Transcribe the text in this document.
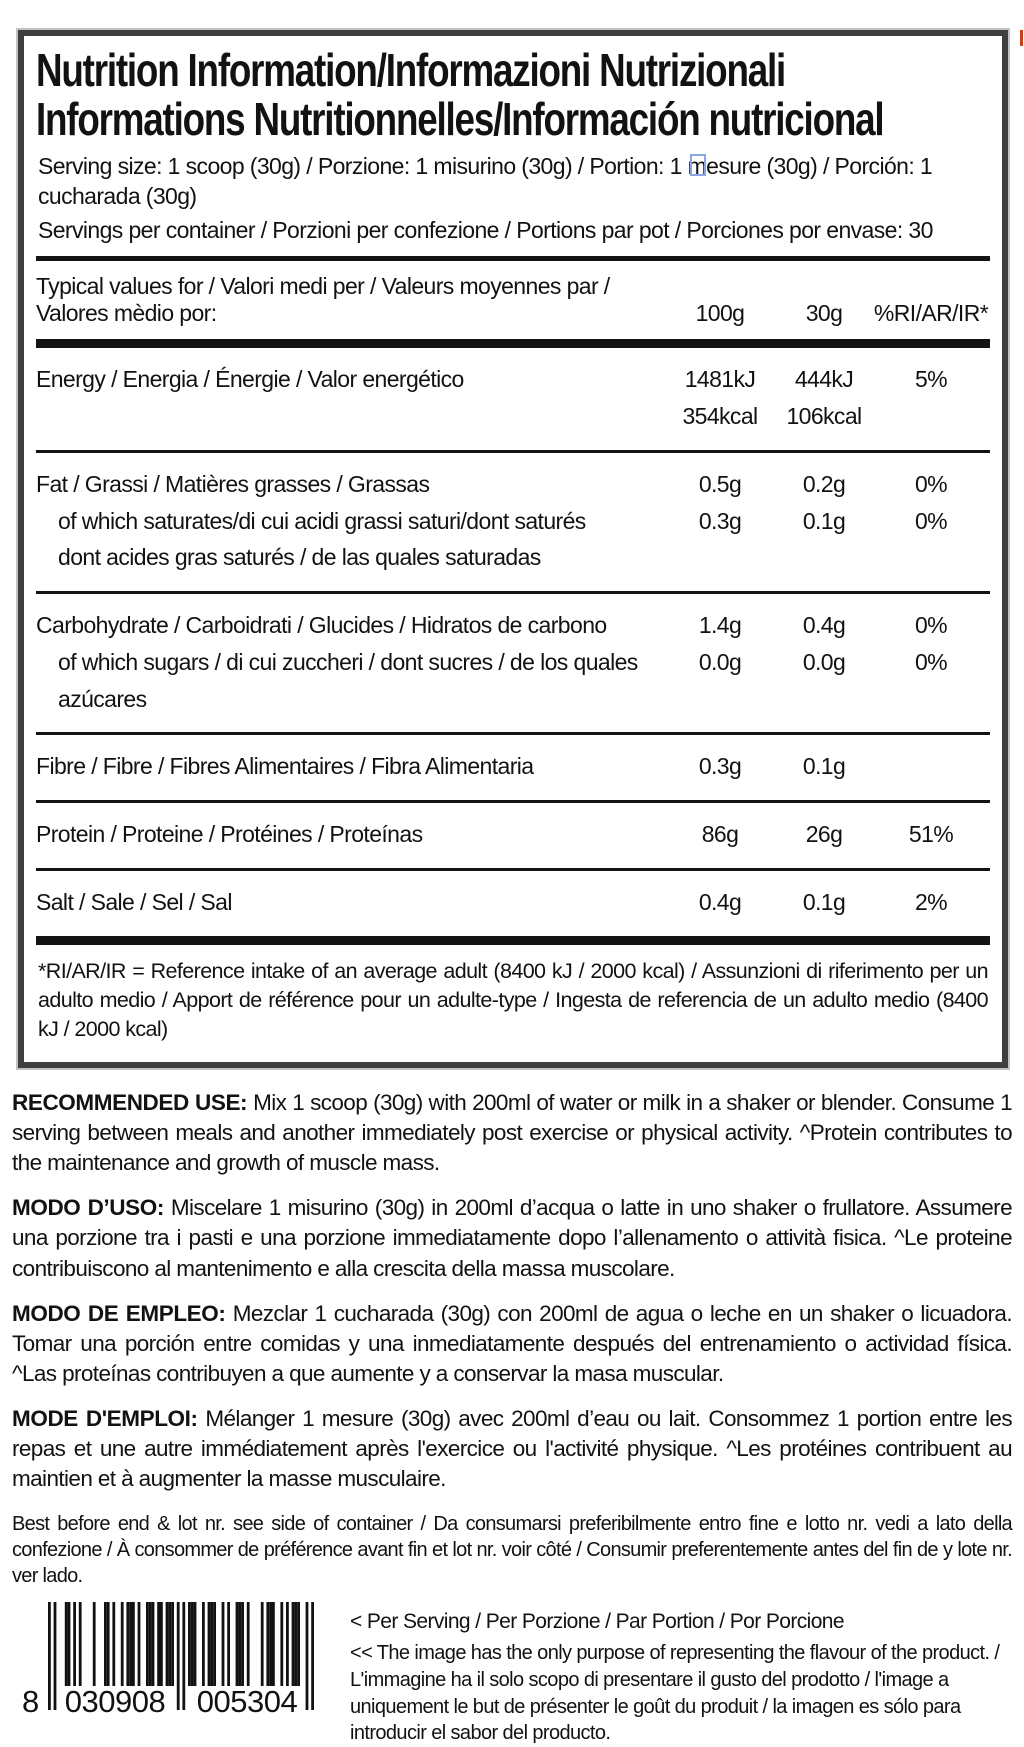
Nutrition Information/Informazioni Nutrizionali
Informations Nutritionnelles/Información nutricional
Serving size: 1 scoop (30g) / Porzione: 1 misurino (30g) / Portion: 1 mesure (30g) / Porción: 1 cucharada (30g)
Servings per container / Porzioni per confezione / Portions par pot / Porciones por envase: 30
Typical values for / Valori medi per / Valeurs moyennes par / Valores mèdio por:	100g	30g	%RI/AR/IR*
Energy / Energia / Énergie / Valor energético	1481kJ	444kJ	5%
354kcal	106kcal
Fat / Grassi / Matières grasses / Grassas	0.5g	0.2g	0%
of which saturates/di cui acidi grassi saturi/dont saturés	0.3g	0.1g	0%
dont acides gras saturés / de las quales saturadas
Carbohydrate / Carboidrati / Glucides / Hidratos de carbono	1.4g	0.4g	0%
of which sugars / di cui zuccheri / dont sucres / de los quales azúcares
0.0g	0.0g	0%
Fibre / Fibre / Fibres Alimentaires / Fibra Alimentaria	0.3g	0.1g
Protein / Proteine / Protéines / Proteínas	86g	26g	51%
Salt / Sale / Sel / Sal	0.4g	0.1g	2%
*RI/AR/IR = Reference intake of an average adult (8400 kJ / 2000 kcal) / Assunzioni di riferimento per un adulto medio / Apport de référence pour un adulte-type / Ingesta de referencia de un adulto medio (8400 kJ / 2000 kcal)

RECOMMENDED USE: Mix 1 scoop (30g) with 200ml of water or milk in a shaker or blender. Consume 1 serving between meals and another immediately post exercise or physical activity. ^Protein contributes to the maintenance and growth of muscle mass.

MODO D’USO: Miscelare 1 misurino (30g) in 200ml d’acqua o latte in uno shaker o frullatore. Assumere una porzione tra i pasti e una porzione immediatamente dopo l’allenamento o attività fisica. ^Le proteine contribuiscono al mantenimento e alla crescita della massa muscolare.

MODO DE EMPLEO: Mezclar 1 cucharada (30g) con 200ml de agua o leche en un shaker o licuadora. Tomar una porción entre comidas y una inmediatamente después del entrenamiento o actividad física. ^Las proteínas contribuyen a que aumente y a conservar la masa muscular.

MODE D'EMPLOI: Mélanger 1 mesure (30g) avec 200ml d’eau ou lait. Consommez 1 portion entre les repas et une autre immédiatement après l'exercice ou l'activité physique. ^Les protéines contribuent au maintien et à augmenter la masse musculaire.

Best before end & lot nr. see side of container / Da consumarsi preferibilmente entro fine e lotto nr. vedi a lato della confezione / À consommer de préférence avant fin et lot nr. voir côté / Consumir preferentemente antes del fin de y lote nr. ver lado.

8 030908	005304
< Per Serving / Per Porzione / Par Portion / Por Porcione
<< The image has the only purpose of representing the flavour of the product. / L'immagine ha il solo scopo di presentare il gusto del prodotto / l'image a uniquement le but de présenter le goût du produit / la imagen es sólo para introducir el sabor del producto.
